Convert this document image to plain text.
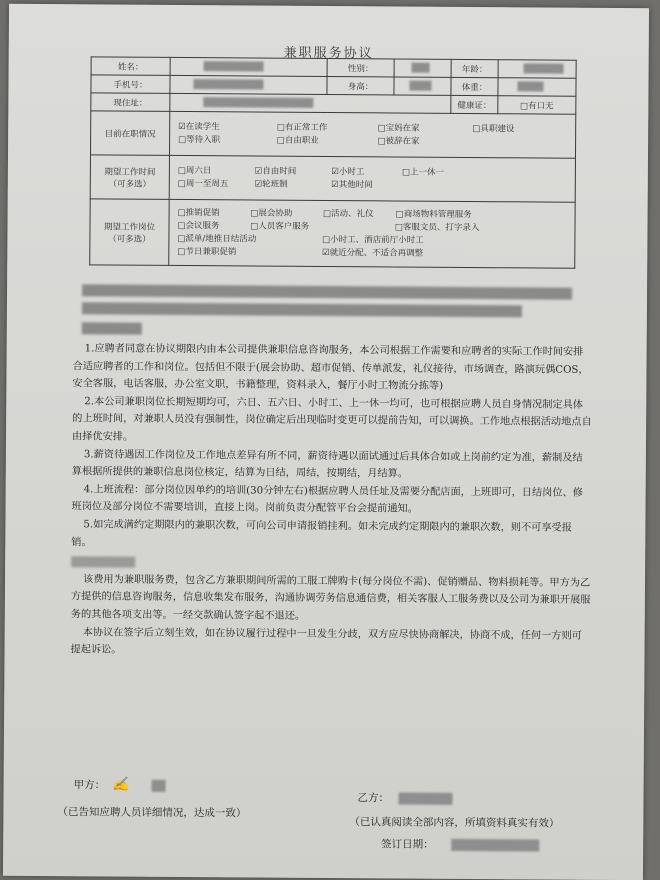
兼职服务协议
姓名：		性别：		年龄：	
手机号：		身高：		体重：	
现住址：				健康证：	□有口无
目前在职情况	☑在读学生 □有正常工作 □宝妈在家 □具职建设
□等待入职 □自由职业 □被辞在家				
期望工作时间
（可多选）	□周六日 ☑自由时间 ☑小时工 □上一休一
□周一至周五 ☑轮班制 ☑其他时间				
期望工作岗位
（可多选）	□推销促销 □展会协助 □活动、礼仪 □商场物料管理服务
□会议服务 □人员客户服务 □客服文员、打字录入
□派单/地推日结活动 □小时工、酒店前厅小时工
□节日兼职促销 ☑就近分配、不适合再调整				

1.应聘者同意在协议期限内由本公司提供兼职信息咨询服务，本公司根据工作需要和应聘者的实际工作时间安排合适应聘者的工作和岗位。包括但不限于(展会协助、超市促销、传单派发，礼仪接待，市场调查，路演玩偶COS，安全客服，电话客服，办公室文职，书籍整理，资料录入，餐厅小时工物流分拣等)

2.本公司兼职岗位长期短期均可，六日、五六日、小时工、上一休一均可，也可根据应聘人员自身情况制定具体的上班时间，对兼职人员没有强制性，岗位确定后出现临时变更可以提前告知，可以调换。工作地点根据活动地点自由择优安排。

3.薪资待遇因工作岗位及工作地点差异有所不同，薪资待遇以面试通过后具体合如或上岗前约定为准，薪制及结算根据所提供的兼职信息岗位核定，结算为日结，周结，按期结，月结算。

4.上班流程：部分岗位因单约的培训(30分钟左右)根据应聘人员任址及需要分配店面，上班即可，日结岗位、修班岗位及部分岗位不需要培训，直接上岗。岗前负责分配管平台会提前通知。

5.如完成满约定期限内的兼职次数，可向公司申请报销挂利。如未完成约定期限内的兼职次数，则不可享受报销。

该费用为兼职服务费，包含乙方兼职期间所需的工服工牌购卡(每分岗位不需)、促销赠品、物料损耗等。甲方为乙方提供的信息咨询服务，信息收集发布服务，沟通协调劳务信息通信费，相关客服人工服务费以及公司为兼职开展服务的其他各项支出等。一经交款确认签字起不退还。

本协议在签字后立刻生效，如在协议履行过程中一旦发生分歧，双方应尽快协商解决，协商不成，任何一方则可提起诉讼。

甲方： ✍
（已告知应聘人员详细情况，达成一致）
乙方：
（已认真阅读全部内容，所填资料真实有效）
签订日期：
